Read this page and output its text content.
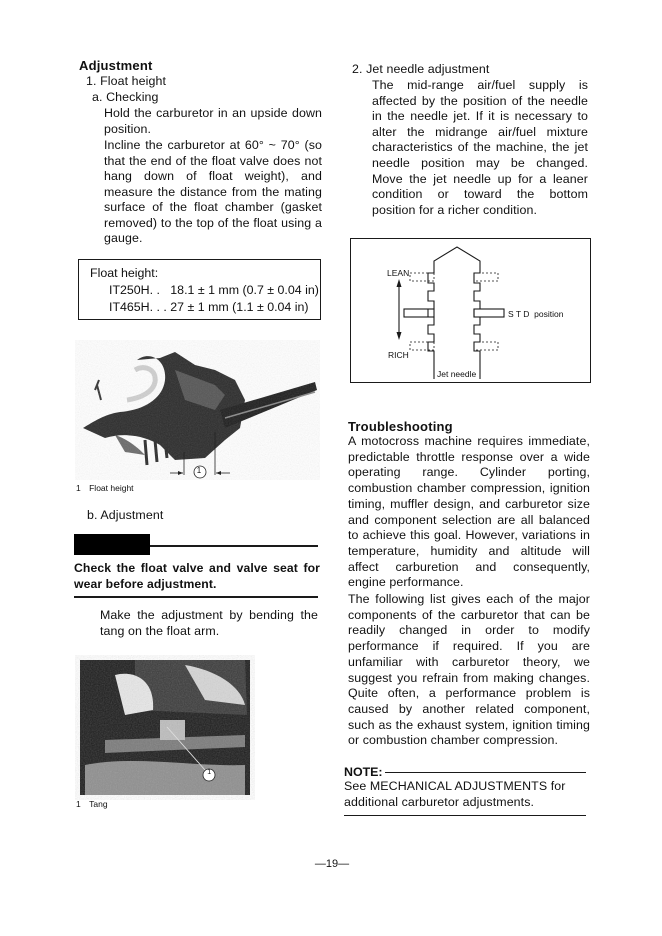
Adjustment
1. Float height
a. Checking
Hold the carburetor in an upside down position.
Incline the carburetor at 60° ~ 70° (so that the end of the float valve does not hang down of float weight), and measure the distance from the mating surface of the float chamber (gasket removed) to the top of the float using a gauge.
Float height:
IT250H. .   18.1 ± 1 mm (0.7 ± 0.04 in)
IT465H. . . 27 ± 1 mm (1.1 ± 0.04 in)
1
1 Float height
b. Adjustment
Check the float valve and valve seat for wear before adjustment.
Make the adjustment by bending the tang on the float arm.
1
1 Tang
2. Jet needle adjustment
The mid-range air/fuel supply is affected by the position of the needle in the needle jet. If it is necessary to alter the midrange air/fuel mixture characteristics of the machine, the jet needle position may be changed. Move the jet needle up for a leaner condition or toward the bottom position for a richer condition.
LEAN
RICH
S T D  position
Jet needle
Troubleshooting
A motocross machine requires immediate, predictable throttle response over a wide operating range. Cylinder porting, combustion chamber compression, ignition timing, muffler design, and carburetor size and component selection are all balanced to achieve this goal. However, variations in temperature, humidity and altitude will affect carburetion and consequently, engine performance.
The following list gives each of the major components of the carburetor that can be readily changed in order to modify performance if required. If you are unfamiliar with carburetor theory, we suggest you refrain from making changes. Quite often, a performance problem is caused by another related component, such as the exhaust system, ignition timing or combustion chamber compression.
NOTE:
See MECHANICAL ADJUSTMENTS for additional carburetor adjustments.
—19—
